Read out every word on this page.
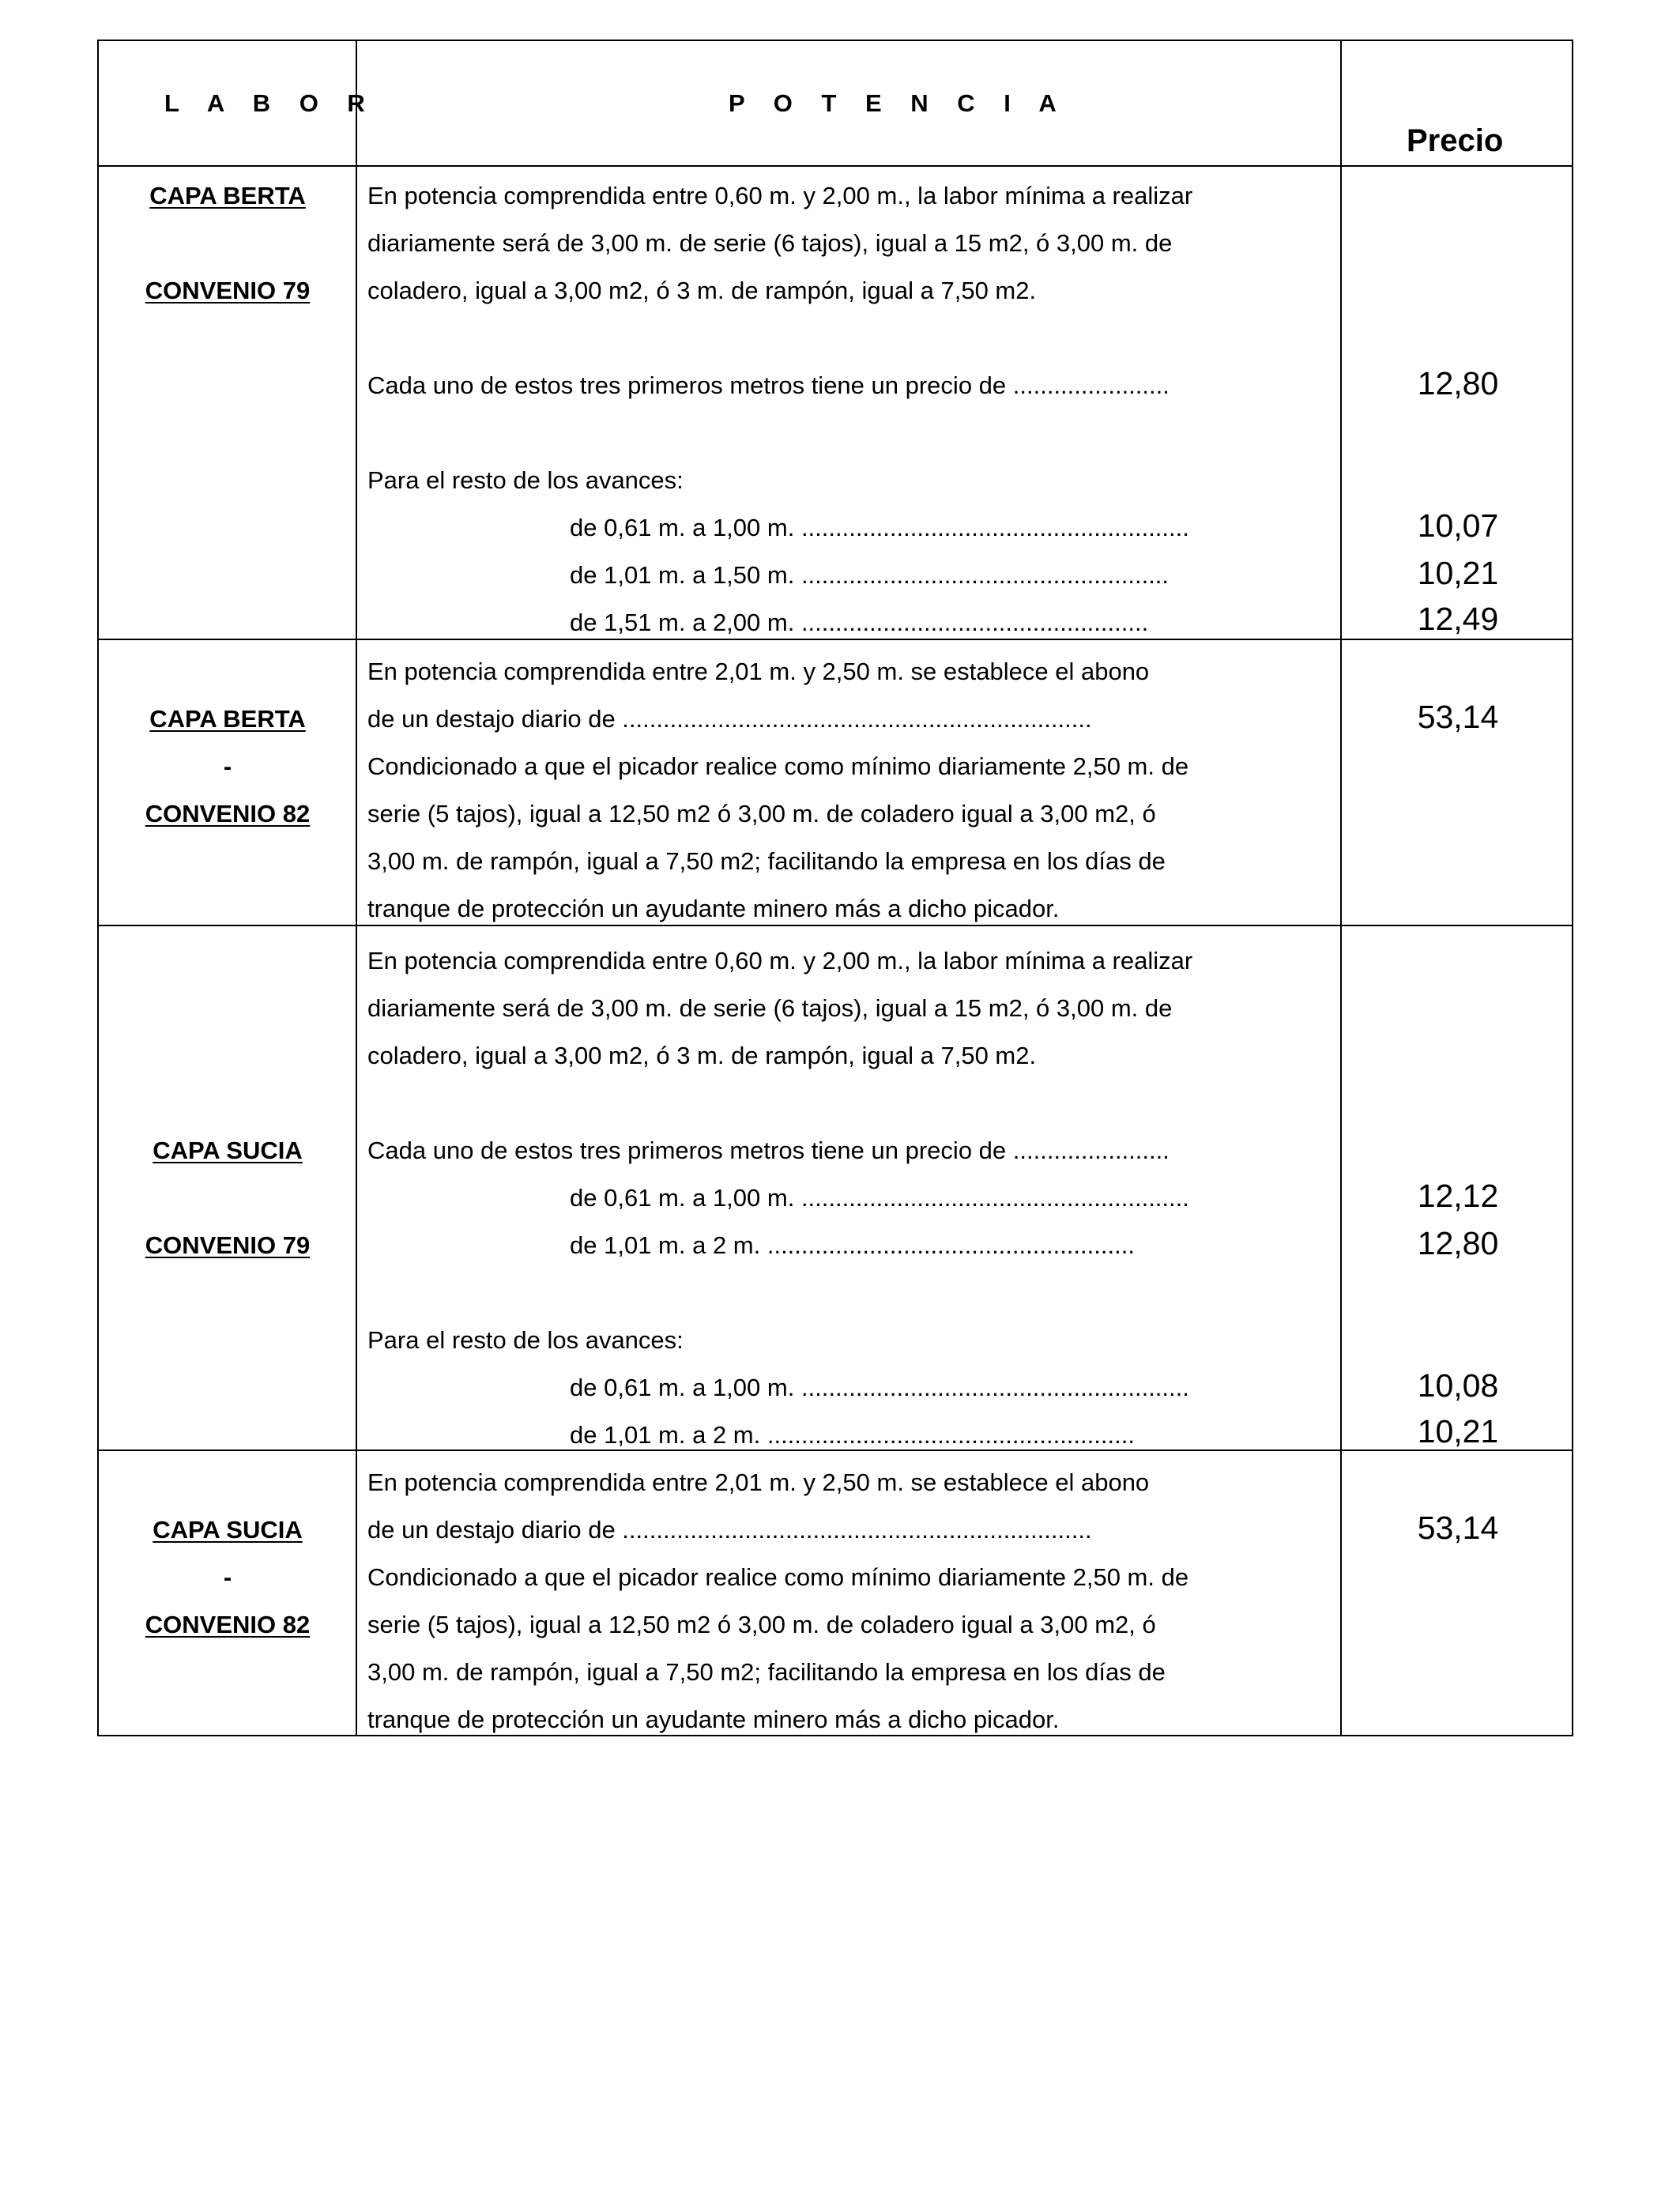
L A B O R	P O T E N C I A
Precio
CAPA BERTA
CONVENIO 79
En potencia comprendida entre 0,60 m. y 2,00 m., la labor mínima a realizar
diariamente será de 3,00 m. de serie (6 tajos), igual a 15 m2, ó 3,00 m. de
coladero, igual a 3,00 m2, ó 3 m. de rampón, igual a 7,50 m2.
Cada uno de estos tres primeros metros tiene un precio de .......................
Para el resto de los avances:
de 0,61 m. a 1,00 m. .........................................................
de 1,01 m. a 1,50 m. ......................................................
de 1,51 m. a 2,00 m. ...................................................
12,80
10,07
10,21
12,49
CAPA BERTA
-
CONVENIO 82
En potencia comprendida entre 2,01 m. y 2,50 m. se establece el abono
de un destajo diario de .....................................................................
Condicionado a que el picador realice como mínimo diariamente 2,50 m. de
serie (5 tajos), igual a 12,50 m2 ó 3,00 m. de coladero igual a 3,00 m2, ó
3,00 m. de rampón, igual a 7,50 m2; facilitando la empresa en los días de
tranque de protección un ayudante minero más a dicho picador.
53,14
CAPA SUCIA
CONVENIO 79
En potencia comprendida entre 0,60 m. y 2,00 m., la labor mínima a realizar
diariamente será de 3,00 m. de serie (6 tajos), igual a 15 m2, ó 3,00 m. de
coladero, igual a 3,00 m2, ó 3 m. de rampón, igual a 7,50 m2.
Cada uno de estos tres primeros metros tiene un precio de .......................
de 0,61 m. a 1,00 m. .........................................................
de 1,01 m. a 2 m. ......................................................
Para el resto de los avances:
de 0,61 m. a 1,00 m. .........................................................
de 1,01 m. a 2 m. ......................................................
12,12
12,80
10,08
10,21
CAPA SUCIA
-
CONVENIO 82
En potencia comprendida entre 2,01 m. y 2,50 m. se establece el abono
de un destajo diario de .....................................................................
Condicionado a que el picador realice como mínimo diariamente 2,50 m. de
serie (5 tajos), igual a 12,50 m2 ó 3,00 m. de coladero igual a 3,00 m2, ó
3,00 m. de rampón, igual a 7,50 m2; facilitando la empresa en los días de
tranque de protección un ayudante minero más a dicho picador.
53,14
